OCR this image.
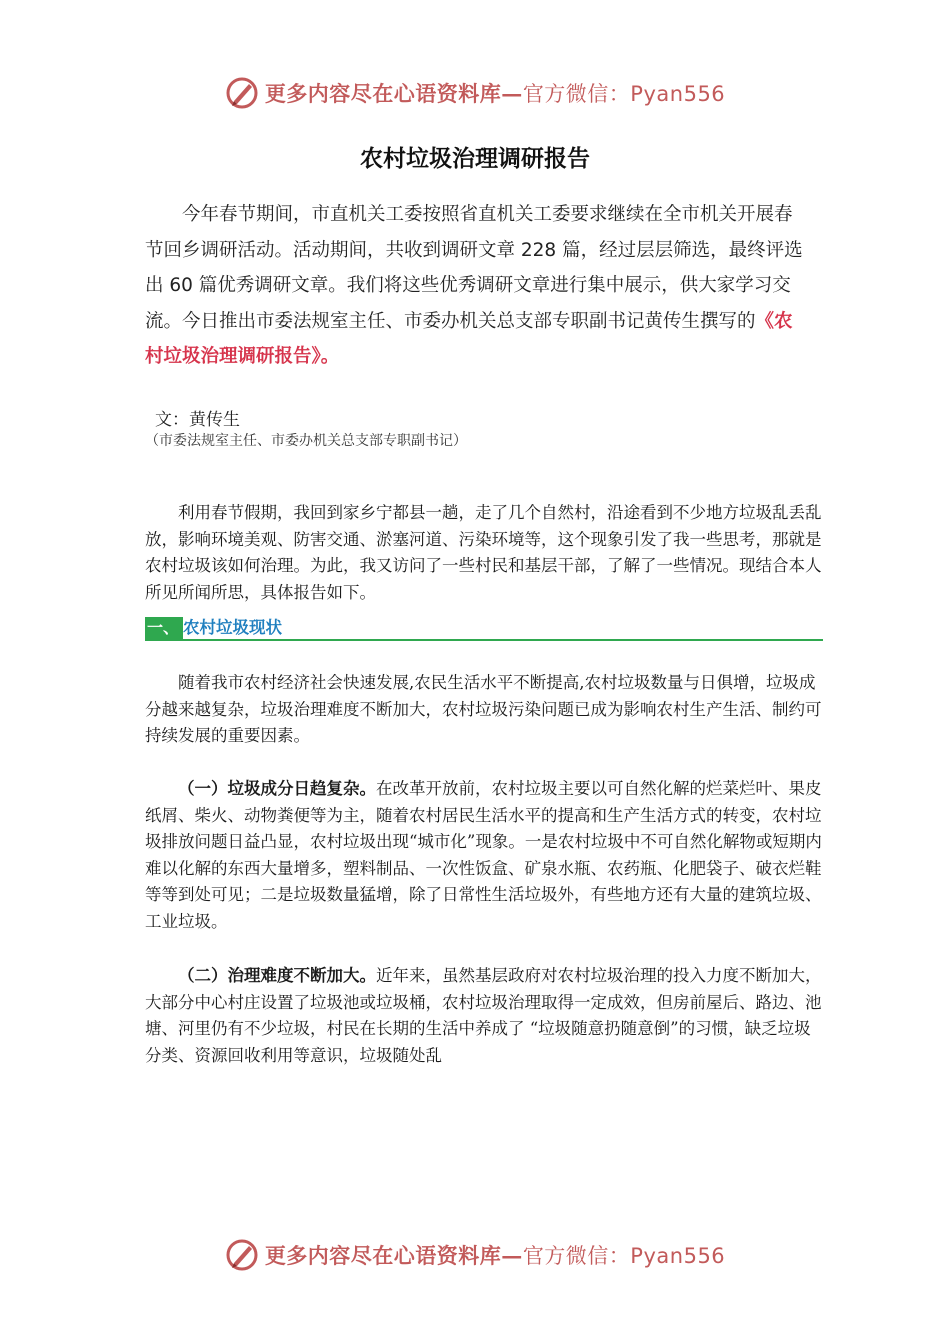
更多内容尽在心语资料库—官方微信：Pyan556
农村垃圾治理调研报告

今年春节期间，市直机关工委按照省直机关工委要求继续在全市机关开展春节回乡调研活动。活动期间，共收到调研文章 228 篇，经过层层筛选，最终评选出 60 篇优秀调研文章。我们将这些优秀调研文章进行集中展示，供大家学习交流。今日推出市委法规室主任、市委办机关总支部专职副书记黄传生撰写的《农村垃圾治理调研报告》。

文：黄传生
（市委法规室主任、市委办机关总支部专职副书记）

利用春节假期，我回到家乡宁都县一趟，走了几个自然村，沿途看到不少地方垃圾乱丢乱放，影响环境美观、防害交通、淤塞河道、污染环境等，这个现象引发了我一些思考，那就是农村垃圾该如何治理。为此，我又访问了一些村民和基层干部，了解了一些情况。现结合本人所见所闻所思，具体报告如下。

一、 农村垃圾现状

随着我市农村经济社会快速发展,农民生活水平不断提高,农村垃圾数量与日俱增，垃圾成分越来越复杂，垃圾治理难度不断加大，农村垃圾污染问题已成为影响农村生产生活、制约可持续发展的重要因素。

（一）垃圾成分日趋复杂。在改革开放前，农村垃圾主要以可自然化解的烂菜烂叶、果皮纸屑、柴火、动物粪便等为主，随着农村居民生活水平的提高和生产生活方式的转变，农村垃圾排放问题日益凸显，农村垃圾出现“城市化”现象。一是农村垃圾中不可自然化解物或短期内难以化解的东西大量增多，塑料制品、一次性饭盒、矿泉水瓶、农药瓶、化肥袋子、破衣烂鞋等等到处可见；二是垃圾数量猛增，除了日常性生活垃圾外，有些地方还有大量的建筑垃圾、工业垃圾。

（二）治理难度不断加大。近年来，虽然基层政府对农村垃圾治理的投入力度不断加大，大部分中心村庄设置了垃圾池或垃圾桶，农村垃圾治理取得一定成效，但房前屋后、路边、池塘、河里仍有不少垃圾，村民在长期的生活中养成了 “垃圾随意扔随意倒”的习惯，缺乏垃圾分类、资源回收利用等意识，垃圾随处乱

更多内容尽在心语资料库—官方微信：Pyan556
